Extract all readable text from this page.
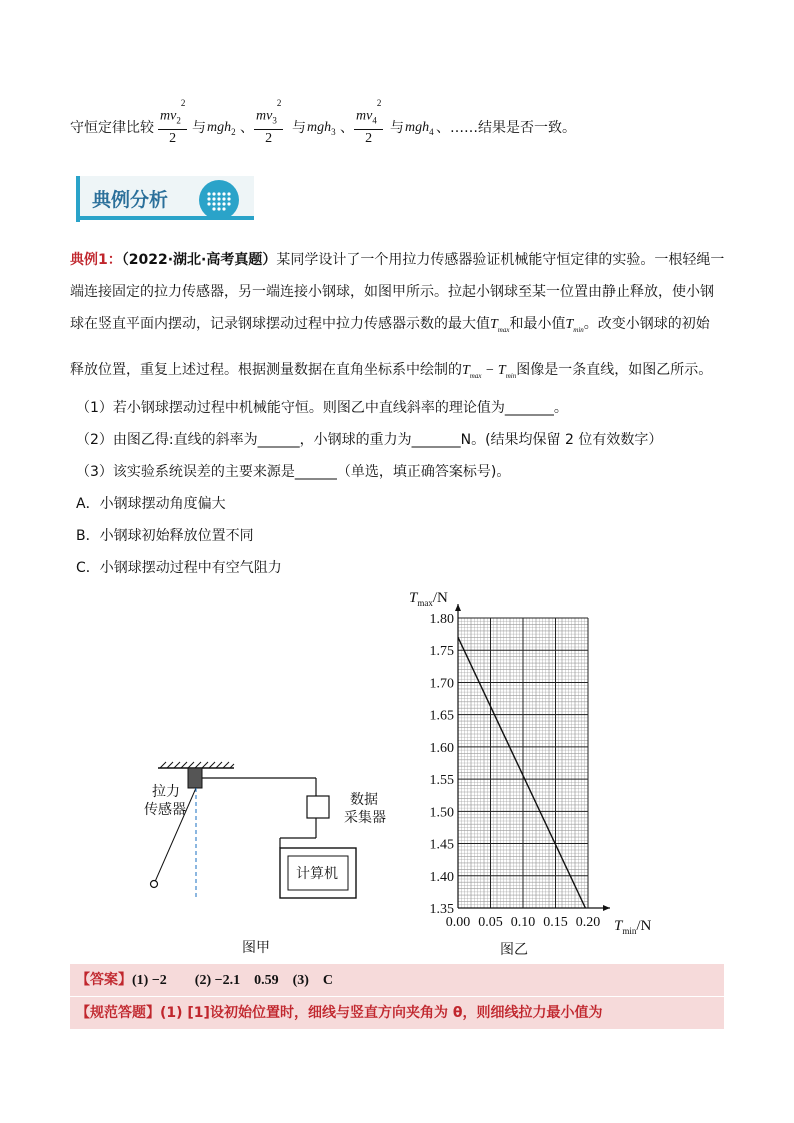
守恒定律比较 $\frac{mv_2^2}{2}$ 与 mgh$_2$ 、 $\frac{mv_3^2}{2}$ 与 mgh$_3$ 、 $\frac{mv_4^2}{2}$ 与 mgh$_4$ 、……结果是否一致。
典例分析
典例1：（2022·湖北·高考真题）某同学设计了一个用拉力传感器验证机械能守恒定律的实验。一根轻绳一
端连接固定的拉力传感器，另一端连接小钢球，如图甲所示。拉起小钢球至某一位置由静止释放，使小钢
球在竖直平面内摆动，记录钢球摆动过程中拉力传感器示数的最大值$T_{max}$和最小值$T_{min}$。改变小钢球的初始
释放位置，重复上述过程。根据测量数据在直角坐标系中绘制的$T_{max} - T_{min}$图像是一条直线，如图乙所示。
（1）若小钢球摆动过程中机械能守恒。则图乙中直线斜率的理论值为_______。
（2）由图乙得:直线的斜率为______，小钢球的重力为_______N。(结果均保留 2 位有效数字）
（3）该实验系统误差的主要来源是______（单选，填正确答案标号)。
A．小钢球摆动角度偏大
B．小钢球初始释放位置不同
C．小钢球摆动过程中有空气阻力
拉力
传感器
数据
采集器
计算机
图甲
1.35
1.40
1.45
1.50
1.55
1.60
1.65
1.70
1.75
1.80
0.00 0.05 0.10 0.15 0.20
$T_{max}/N$
$T_{min}/N$
图乙
【答案】(1) −2　　(2) −2.1　0.59　(3)　C
【规范答题】(1) [1]设初始位置时，细线与竖直方向夹角为 θ，则细线拉力最小值为
